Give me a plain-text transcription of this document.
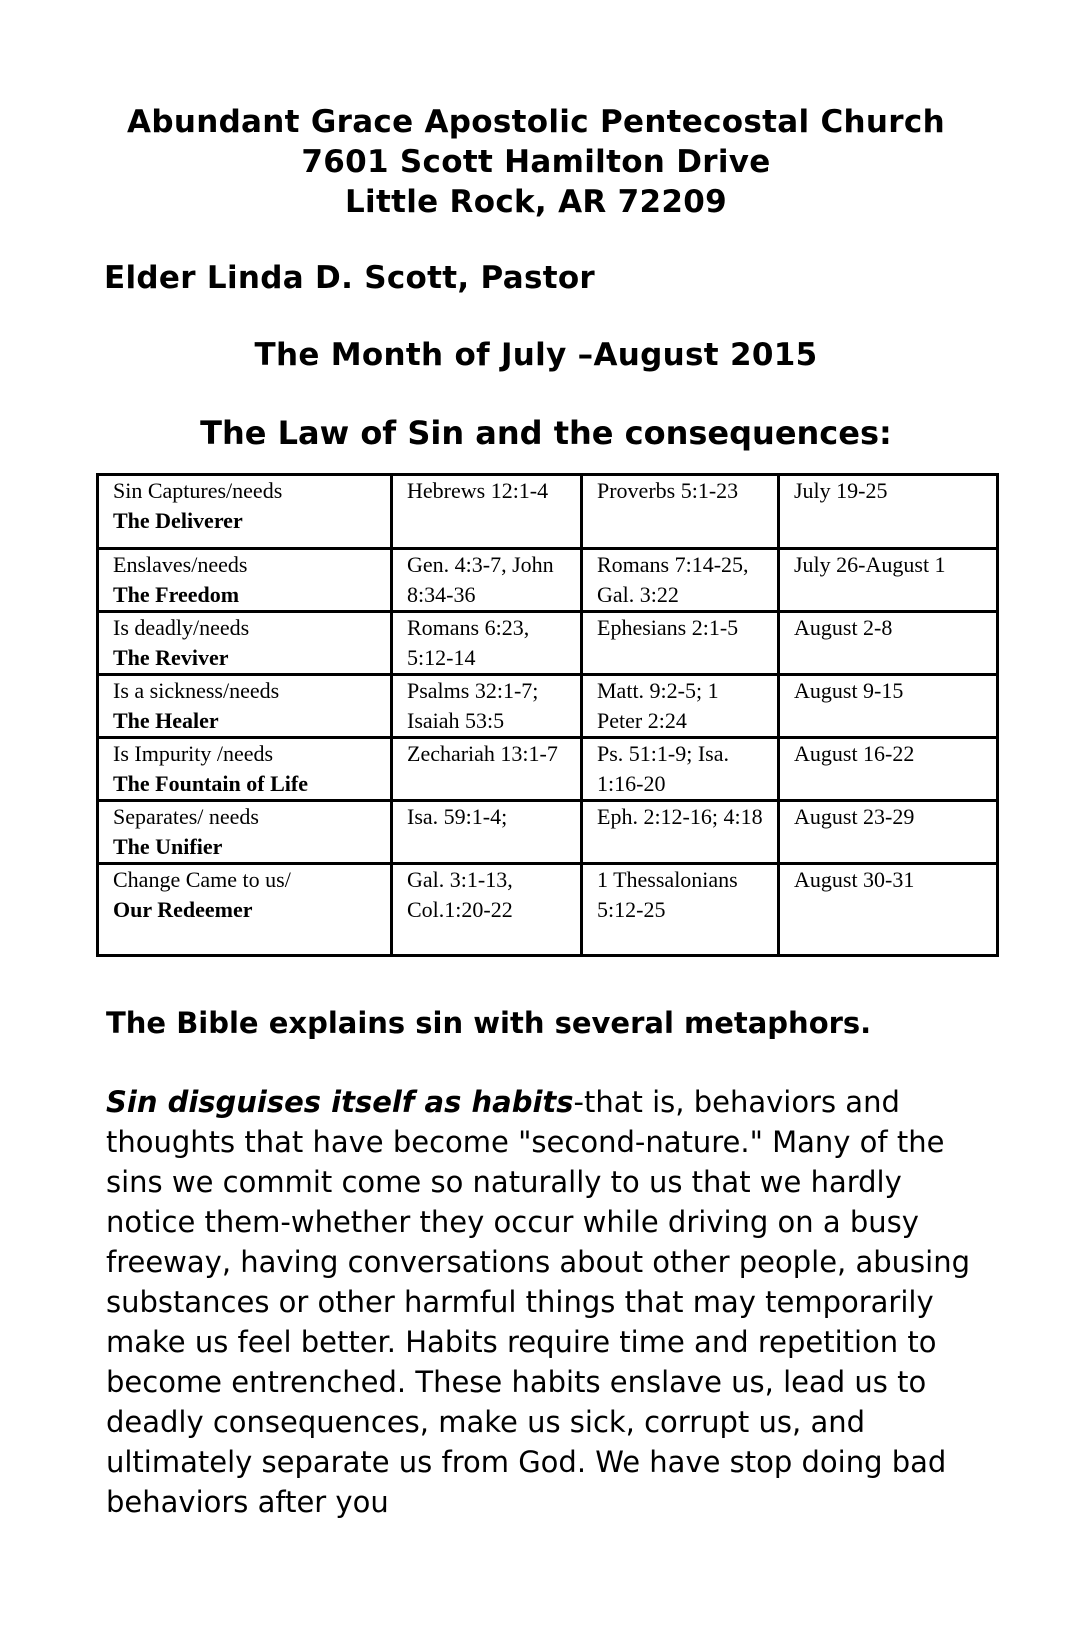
Abundant Grace Apostolic Pentecostal Church
7601 Scott Hamilton Drive
Little Rock, AR 72209
Elder Linda D. Scott, Pastor
The Month of July –August 2015
The Law of Sin and the consequences:
Sin Captures/needs
The Deliverer	Hebrews 12:1-4	Proverbs 5:1-23	July 19-25

Enslaves/needs
The Freedom	Gen. 4:3-7, John 8:34-36	Romans 7:14-25, Gal. 3:22	July 26-August 1

Is deadly/needs
The Reviver	Romans 6:23, 5:12-14	Ephesians 2:1-5	August 2-8

Is a sickness/needs
The Healer	Psalms 32:1-7; Isaiah 53:5	Matt. 9:2-5; 1 Peter 2:24	August 9-15

Is Impurity /needs
The Fountain of Life	Zechariah 13:1-7	Ps. 51:1-9; Isa. 1:16-20	August 16-22

Separates/ needs
The Unifier	Isa. 59:1-4;	Eph. 2:12-16; 4:18	August 23-29

Change Came to us/
Our Redeemer	Gal. 3:1-13, Col.1:20-22	1 Thessalonians 5:12-25	August 30-31
The Bible explains sin with several metaphors.

Sin disguises itself as habits-that is, behaviors and thoughts that have become "second-nature." Many of the sins we commit come so naturally to us that we hardly notice them-whether they occur while driving on a busy freeway, having conversations about other people, abusing substances or other harmful things that may temporarily make us feel better. Habits require time and repetition to become entrenched. These habits enslave us, lead us to deadly consequences, make us sick, corrupt us, and ultimately separate us from God. We have stop doing bad behaviors after you
